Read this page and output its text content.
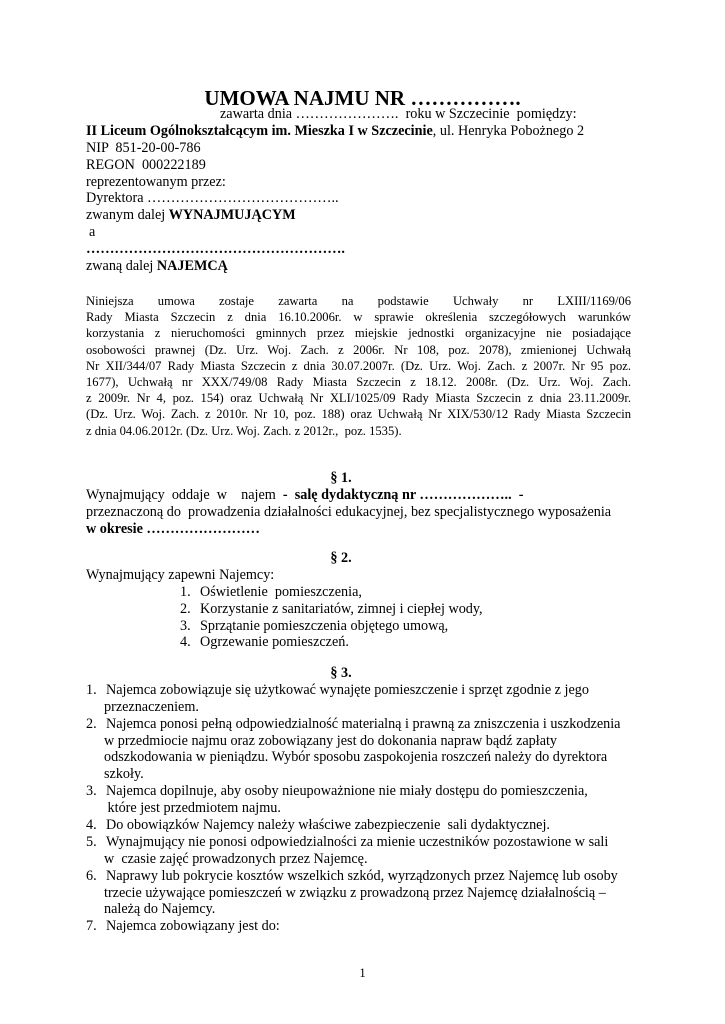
UMOWA NAJMU NR …………….
zawarta dnia ………………….  roku w Szczecinie  pomiędzy:
II Liceum Ogólnokształcącym im. Mieszka I w Szczecinie, ul. Henryka Pobożnego 2
NIP  851-20-00-786
REGON  000222189
reprezentowanym przez:
Dyrektora …………………………………..
zwanym dalej WYNAJMUJĄCYM
a
……………………………………………….
zwaną dalej NAJEMCĄ
Niniejsza umowa zostaje zawarta na podstawie Uchwały nr LXIII/1169/06
Rady Miasta Szczecin z dnia 16.10.2006r. w sprawie określenia szczegółowych warunków
korzystania z nieruchomości gminnych przez miejskie jednostki organizacyjne nie posiadające
osobowości prawnej (Dz. Urz. Woj. Zach. z 2006r. Nr 108, poz. 2078), zmienionej Uchwałą
Nr XII/344/07 Rady Miasta Szczecin z dnia 30.07.2007r. (Dz. Urz. Woj. Zach. z 2007r. Nr 95 poz.
1677), Uchwałą nr XXX/749/08 Rady Miasta Szczecin z 18.12. 2008r. (Dz. Urz. Woj. Zach.
z 2009r. Nr 4, poz. 154) oraz Uchwałą Nr XLI/1025/09 Rady Miasta Szczecin z dnia 23.11.2009r.
(Dz. Urz. Woj. Zach. z 2010r. Nr 10, poz. 188) oraz Uchwałą Nr XIX/530/12 Rady Miasta Szczecin
z dnia 04.06.2012r. (Dz. Urz. Woj. Zach. z 2012r.,  poz. 1535).
§ 1.
Wynajmujący  oddaje  w    najem  -  salę dydaktyczną nr ………………..  -
przeznaczoną do  prowadzenia działalności edukacyjnej, bez specjalistycznego wyposażenia
w okresie ……………………
§ 2.
Wynajmujący zapewni Najemcy:
1. Oświetlenie  pomieszczenia,
2. Korzystanie z sanitariatów, zimnej i ciepłej wody,
3. Sprzątanie pomieszczenia objętego umową,
4. Ogrzewanie pomieszczeń.
§ 3.
1. Najemca zobowiązuje się użytkować wynajęte pomieszczenie i sprzęt zgodnie z jego
przeznaczeniem.
2. Najemca ponosi pełną odpowiedzialność materialną i prawną za zniszczenia i uszkodzenia
w przedmiocie najmu oraz zobowiązany jest do dokonania napraw bądź zapłaty
odszkodowania w pieniądzu. Wybór sposobu zaspokojenia roszczeń należy do dyrektora
szkoły.
3. Najemca dopilnuje, aby osoby nieupoważnione nie miały dostępu do pomieszczenia,
które jest przedmiotem najmu.
4. Do obowiązków Najemcy należy właściwe zabezpieczenie  sali dydaktycznej.
5. Wynajmujący nie ponosi odpowiedzialności za mienie uczestników pozostawione w sali
w  czasie zajęć prowadzonych przez Najemcę.
6. Naprawy lub pokrycie kosztów wszelkich szkód, wyrządzonych przez Najemcę lub osoby
trzecie używające pomieszczeń w związku z prowadzoną przez Najemcę działalnością –
należą do Najemcy.
7. Najemca zobowiązany jest do:
1
